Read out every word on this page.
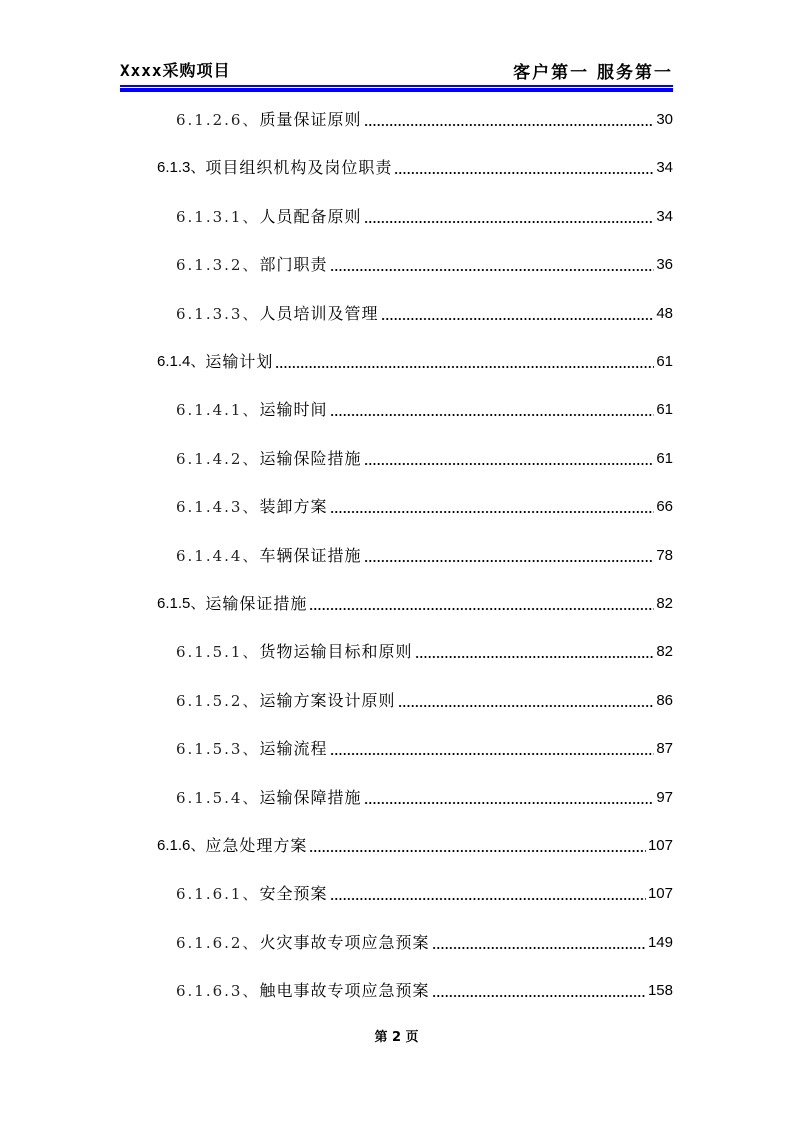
Xxxx采购项目	客户第一 服务第一
6.1.2.6、 质量保证原则	30
6.1.3、 项目组织机构及岗位职责	34
6.1.3.1、 人员配备原则	34
6.1.3.2、 部门职责	36
6.1.3.3、 人员培训及管理	48
6.1.4、 运输计划	61
6.1.4.1、 运输时间	61
6.1.4.2、 运输保险措施	61
6.1.4.3、 装卸方案	66
6.1.4.4、 车辆保证措施	78
6.1.5、 运输保证措施	82
6.1.5.1、 货物运输目标和原则	82
6.1.5.2、 运输方案设计原则	86
6.1.5.3、 运输流程	87
6.1.5.4、 运输保障措施	97
6.1.6、 应急处理方案	107
6.1.6.1、 安全预案	107
6.1.6.2、 火灾事故专项应急预案	149
6.1.6.3、 触电事故专项应急预案	158
第 2 页
